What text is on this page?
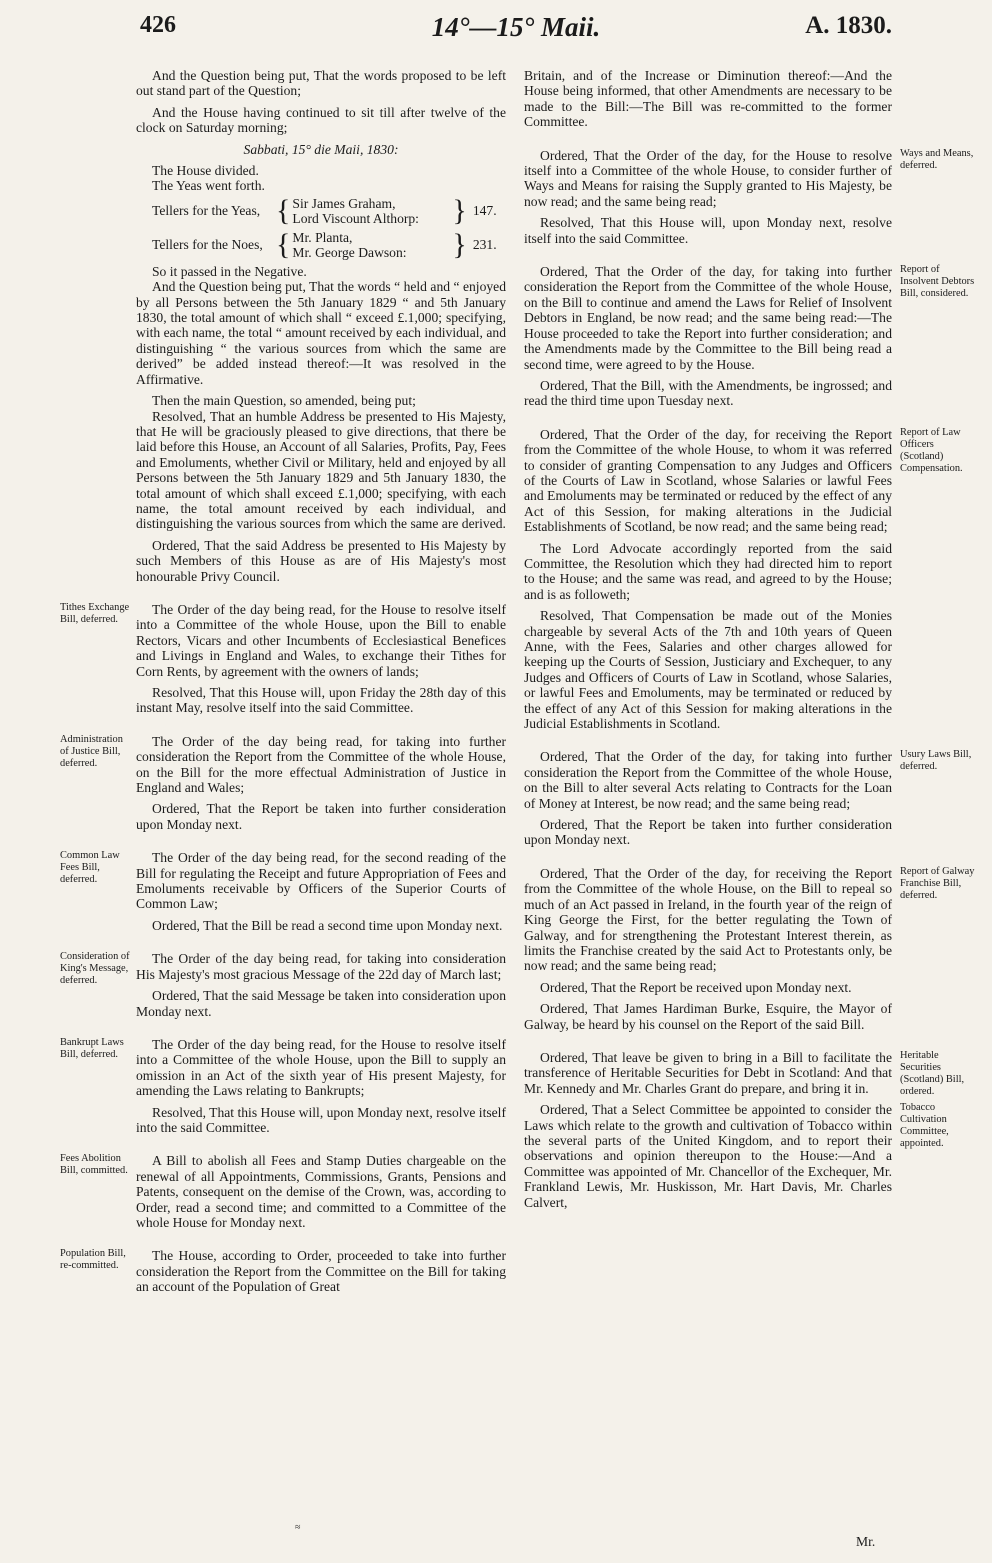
426	14°—15° Maii.	A. 1830.

And the Question being put, That the words proposed to be left out stand part of the Question;

And the House having continued to sit till after twelve of the clock on Saturday morning;

Sabbati, 15° die Maii, 1830:

The House divided.

The Yeas went forth.

Tellers for the Yeas, { Sir James Graham,
Lord Viscount Althorp:	} 147.
Tellers for the Noes, { Mr. Planta,
Mr. George Dawson:	} 231.

So it passed in the Negative.

And the Question being put, That the words “ held and “ enjoyed by all Persons between the 5th January 1829 “ and 5th January 1830, the total amount of which shall “ exceed £.1,000; specifying, with each name, the total “ amount received by each individual, and distinguishing “ the various sources from which the same are derived” be added instead thereof:—It was resolved in the Affirmative.

Then the main Question, so amended, being put;

Resolved, That an humble Address be presented to His Majesty, that He will be graciously pleased to give directions, that there be laid before this House, an Account of all Salaries, Profits, Pay, Fees and Emoluments, whether Civil or Military, held and enjoyed by all Persons between the 5th January 1829 and 5th January 1830, the total amount of which shall exceed £.1,000; specifying, with each name, the total amount received by each individual, and distinguishing the various sources from which the same are derived.

Ordered, That the said Address be presented to His Majesty by such Members of this House as are of His Majesty's most honourable Privy Council.

Tithes Exchange Bill, deferred.

The Order of the day being read, for the House to resolve itself into a Committee of the whole House, upon the Bill to enable Rectors, Vicars and other Incumbents of Ecclesiastical Benefices and Livings in England and Wales, to exchange their Tithes for Corn Rents, by agreement with the owners of lands;

Resolved, That this House will, upon Friday the 28th day of this instant May, resolve itself into the said Committee.

Administration of Justice Bill, deferred.

The Order of the day being read, for taking into further consideration the Report from the Committee of the whole House, on the Bill for the more effectual Administration of Justice in England and Wales;

Ordered, That the Report be taken into further consideration upon Monday next.

Common Law Fees Bill, deferred.

The Order of the day being read, for the second reading of the Bill for regulating the Receipt and future Appropriation of Fees and Emoluments receivable by Officers of the Superior Courts of Common Law;

Ordered, That the Bill be read a second time upon Monday next.

Consideration of King's Message, deferred.

The Order of the day being read, for taking into consideration His Majesty's most gracious Message of the 22d day of March last;

Ordered, That the said Message be taken into consideration upon Monday next.

Bankrupt Laws Bill, deferred.

The Order of the day being read, for the House to resolve itself into a Committee of the whole House, upon the Bill to supply an omission in an Act of the sixth year of His present Majesty, for amending the Laws relating to Bankrupts;

Resolved, That this House will, upon Monday next, resolve itself into the said Committee.

Fees Abolition Bill, committed.

A Bill to abolish all Fees and Stamp Duties chargeable on the renewal of all Appointments, Commissions, Grants, Pensions and Patents, consequent on the demise of the Crown, was, according to Order, read a second time; and committed to a Committee of the whole House for Monday next.

Population Bill, re-committed.

The House, according to Order, proceeded to take into further consideration the Report from the Committee on the Bill for taking an account of the Population of Great

Britain, and of the Increase or Diminution thereof:—And the House being informed, that other Amendments are necessary to be made to the Bill:—The Bill was re-committed to the former Committee.

Ways and Means, deferred.

Ordered, That the Order of the day, for the House to resolve itself into a Committee of the whole House, to consider further of Ways and Means for raising the Supply granted to His Majesty, be now read; and the same being read;

Resolved, That this House will, upon Monday next, resolve itself into the said Committee.

Report of Insolvent Debtors Bill, considered.

Ordered, That the Order of the day, for taking into further consideration the Report from the Committee of the whole House, on the Bill to continue and amend the Laws for Relief of Insolvent Debtors in England, be now read; and the same being read:—The House proceeded to take the Report into further consideration; and the Amendments made by the Committee to the Bill being read a second time, were agreed to by the House.

Ordered, That the Bill, with the Amendments, be ingrossed; and read the third time upon Tuesday next.

Report of Law Officers (Scotland) Compensation.

Ordered, That the Order of the day, for receiving the Report from the Committee of the whole House, to whom it was referred to consider of granting Compensation to any Judges and Officers of the Courts of Law in Scotland, whose Salaries or lawful Fees and Emoluments may be terminated or reduced by the effect of any Act of this Session, for making alterations in the Judicial Establishments of Scotland, be now read; and the same being read;

The Lord Advocate accordingly reported from the said Committee, the Resolution which they had directed him to report to the House; and the same was read, and agreed to by the House; and is as followeth;

Resolved, That Compensation be made out of the Monies chargeable by several Acts of the 7th and 10th years of Queen Anne, with the Fees, Salaries and other charges allowed for keeping up the Courts of Session, Justiciary and Exchequer, to any Judges and Officers of Courts of Law in Scotland, whose Salaries, or lawful Fees and Emoluments, may be terminated or reduced by the effect of any Act of this Session for making alterations in the Judicial Establishments in Scotland.

Usury Laws Bill, deferred.

Ordered, That the Order of the day, for taking into further consideration the Report from the Committee of the whole House, on the Bill to alter several Acts relating to Contracts for the Loan of Money at Interest, be now read; and the same being read;

Ordered, That the Report be taken into further consideration upon Monday next.

Report of Galway Franchise Bill, deferred.

Ordered, That the Order of the day, for receiving the Report from the Committee of the whole House, on the Bill to repeal so much of an Act passed in Ireland, in the fourth year of the reign of King George the First, for the better regulating the Town of Galway, and for strengthening the Protestant Interest therein, as limits the Franchise created by the said Act to Protestants only, be now read; and the same being read;

Ordered, That the Report be received upon Monday next.

Ordered, That James Hardiman Burke, Esquire, the Mayor of Galway, be heard by his counsel on the Report of the said Bill.

Heritable Securities (Scotland) Bill, ordered.

Ordered, That leave be given to bring in a Bill to facilitate the transference of Heritable Securities for Debt in Scotland: And that Mr. Kennedy and Mr. Charles Grant do prepare, and bring it in.

Tobacco Cultivation Committee, appointed.

Ordered, That a Select Committee be appointed to consider the Laws which relate to the growth and cultivation of Tobacco within the several parts of the United Kingdom, and to report their observations and opinion thereupon to the House:—And a Committee was appointed of Mr. Chancellor of the Exchequer, Mr. Frankland Lewis, Mr. Huskisson, Mr. Hart Davis, Mr. Charles Calvert,

≈
Mr.
